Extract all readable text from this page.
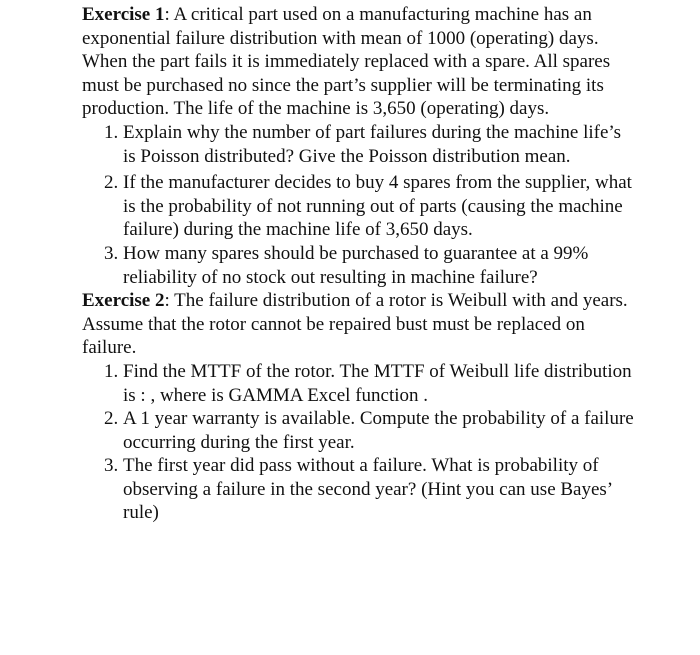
Exercise 1: A critical part used on a manufacturing machine has an exponential failure distribution with mean of 1000 (operating) days. When the part fails it is immediately replaced with a spare. All spares must be purchased no since the part’s supplier will be terminating its production. The life of the machine is 3,650 (operating) days.

1. Explain why the number of part failures during the machine life’s is Poisson distributed? Give the Poisson distribution mean.
2. If the manufacturer decides to buy 4 spares from the supplier, what is the probability of not running out of parts (causing the machine failure) during the machine life of 3,650 days.
3. How many spares should be purchased to guarantee at a 99% reliability of no stock out resulting in machine failure?

Exercise 2: The failure distribution of a rotor is Weibull with and years. Assume that the rotor cannot be repaired bust must be replaced on failure.

1. Find the MTTF of the rotor. The MTTF of Weibull life distribution is : , where is GAMMA Excel function .
2. A 1 year warranty is available. Compute the probability of a failure occurring during the first year.
3. The first year did pass without a failure. What is probability of observing a failure in the second year? (Hint you can use Bayes’ rule)
